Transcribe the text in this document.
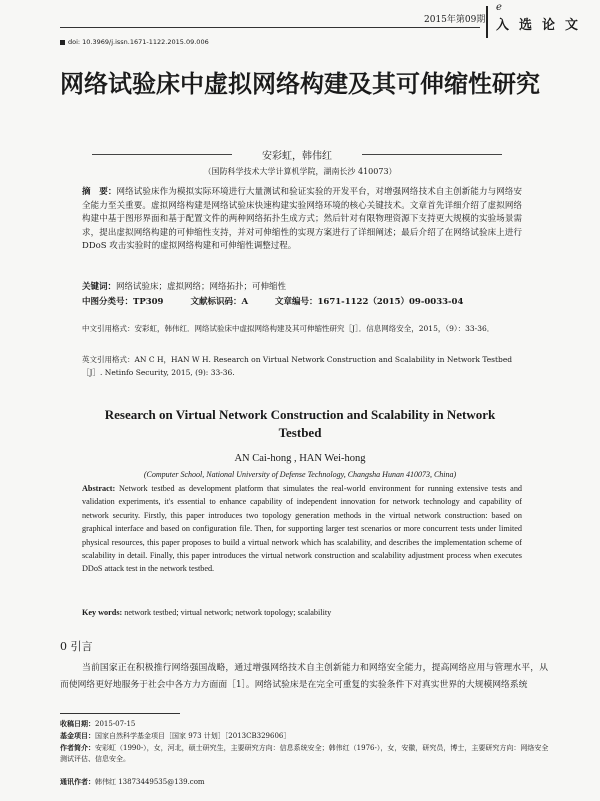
2015年第09期
e
入选论文
doi: 10.3969/j.issn.1671-1122.2015.09.006
网络试验床中虚拟网络构建及其可伸缩性研究
安彩虹，韩伟红
（国防科学技术大学计算机学院，湖南长沙 410073）
摘　要：网络试验床作为模拟实际环境进行大量测试和验证实验的开发平台，对增强网络技术自主创新能力与网络安全能力至关重要。虚拟网络构建是网络试验床快速构建实验网络环境的核心关键技术。文章首先详细介绍了虚拟网络构建中基于图形界面和基于配置文件的两种网络拓扑生成方式；然后针对有限物理资源下支持更大规模的实验场景需求，提出虚拟网络构建的可伸缩性支持，并对可伸缩性的实现方案进行了详细阐述；最后介绍了在网络试验床上进行 DDoS 攻击实验时的虚拟网络构建和可伸缩性调整过程。
关键词：网络试验床；虚拟网络；网络拓扑；可伸缩性
中图分类号：TP309	文献标识码：A	文章编号：1671-1122（2015）09-0033-04
中文引用格式：安彩虹，韩伟红．网络试验床中虚拟网络构建及其可伸缩性研究［J］．信息网络安全，2015，（9）：33-36．
英文引用格式：AN C H，HAN W H. Research on Virtual Network Construction and Scalability in Network Testbed［J］. Netinfo Security, 2015, (9): 33-36.
Research on Virtual Network Construction and Scalability in Network Testbed
AN Cai-hong , HAN Wei-hong
(Computer School, National University of Defense Technology, Changsha Hunan 410073, China)
Abstract: Network testbed as development platform that simulates the real-world environment for running extensive tests and validation experiments, it's essential to enhance capability of independent innovation for network technology and capability of network security. Firstly, this paper introduces two topology generation methods in the virtual network construction: based on graphical interface and based on configuration file. Then, for supporting larger test scenarios or more concurrent tests under limited physical resources, this paper proposes to build a virtual network which has scalability, and describes the implementation scheme of scalability in detail. Finally, this paper introduces the virtual network construction and scalability adjustment process when executes DDoS attack test in the network testbed.
Key words: network testbed; virtual network; network topology; scalability
0 引言
当前国家正在积极推行网络强国战略，通过增强网络技术自主创新能力和网络安全能力，提高网络应用与管理水平，从而使网络更好地服务于社会中各方力方面面［1］。网络试验床是在完全可重复的实验条件下对真实世界的大规模网络系统
收稿日期：2015-07-15
基金项目：国家自然科学基金项目［国家 973 计划］［2013CB329606］
作者简介：安彩虹（1990-），女，河北，硕士研究生，主要研究方向：信息系统安全；韩伟红（1976-），女，安徽，研究员，博士，主要研究方向：网络安全测试评估、信息安全。
通讯作者：韩伟红 13873449535@139.com
